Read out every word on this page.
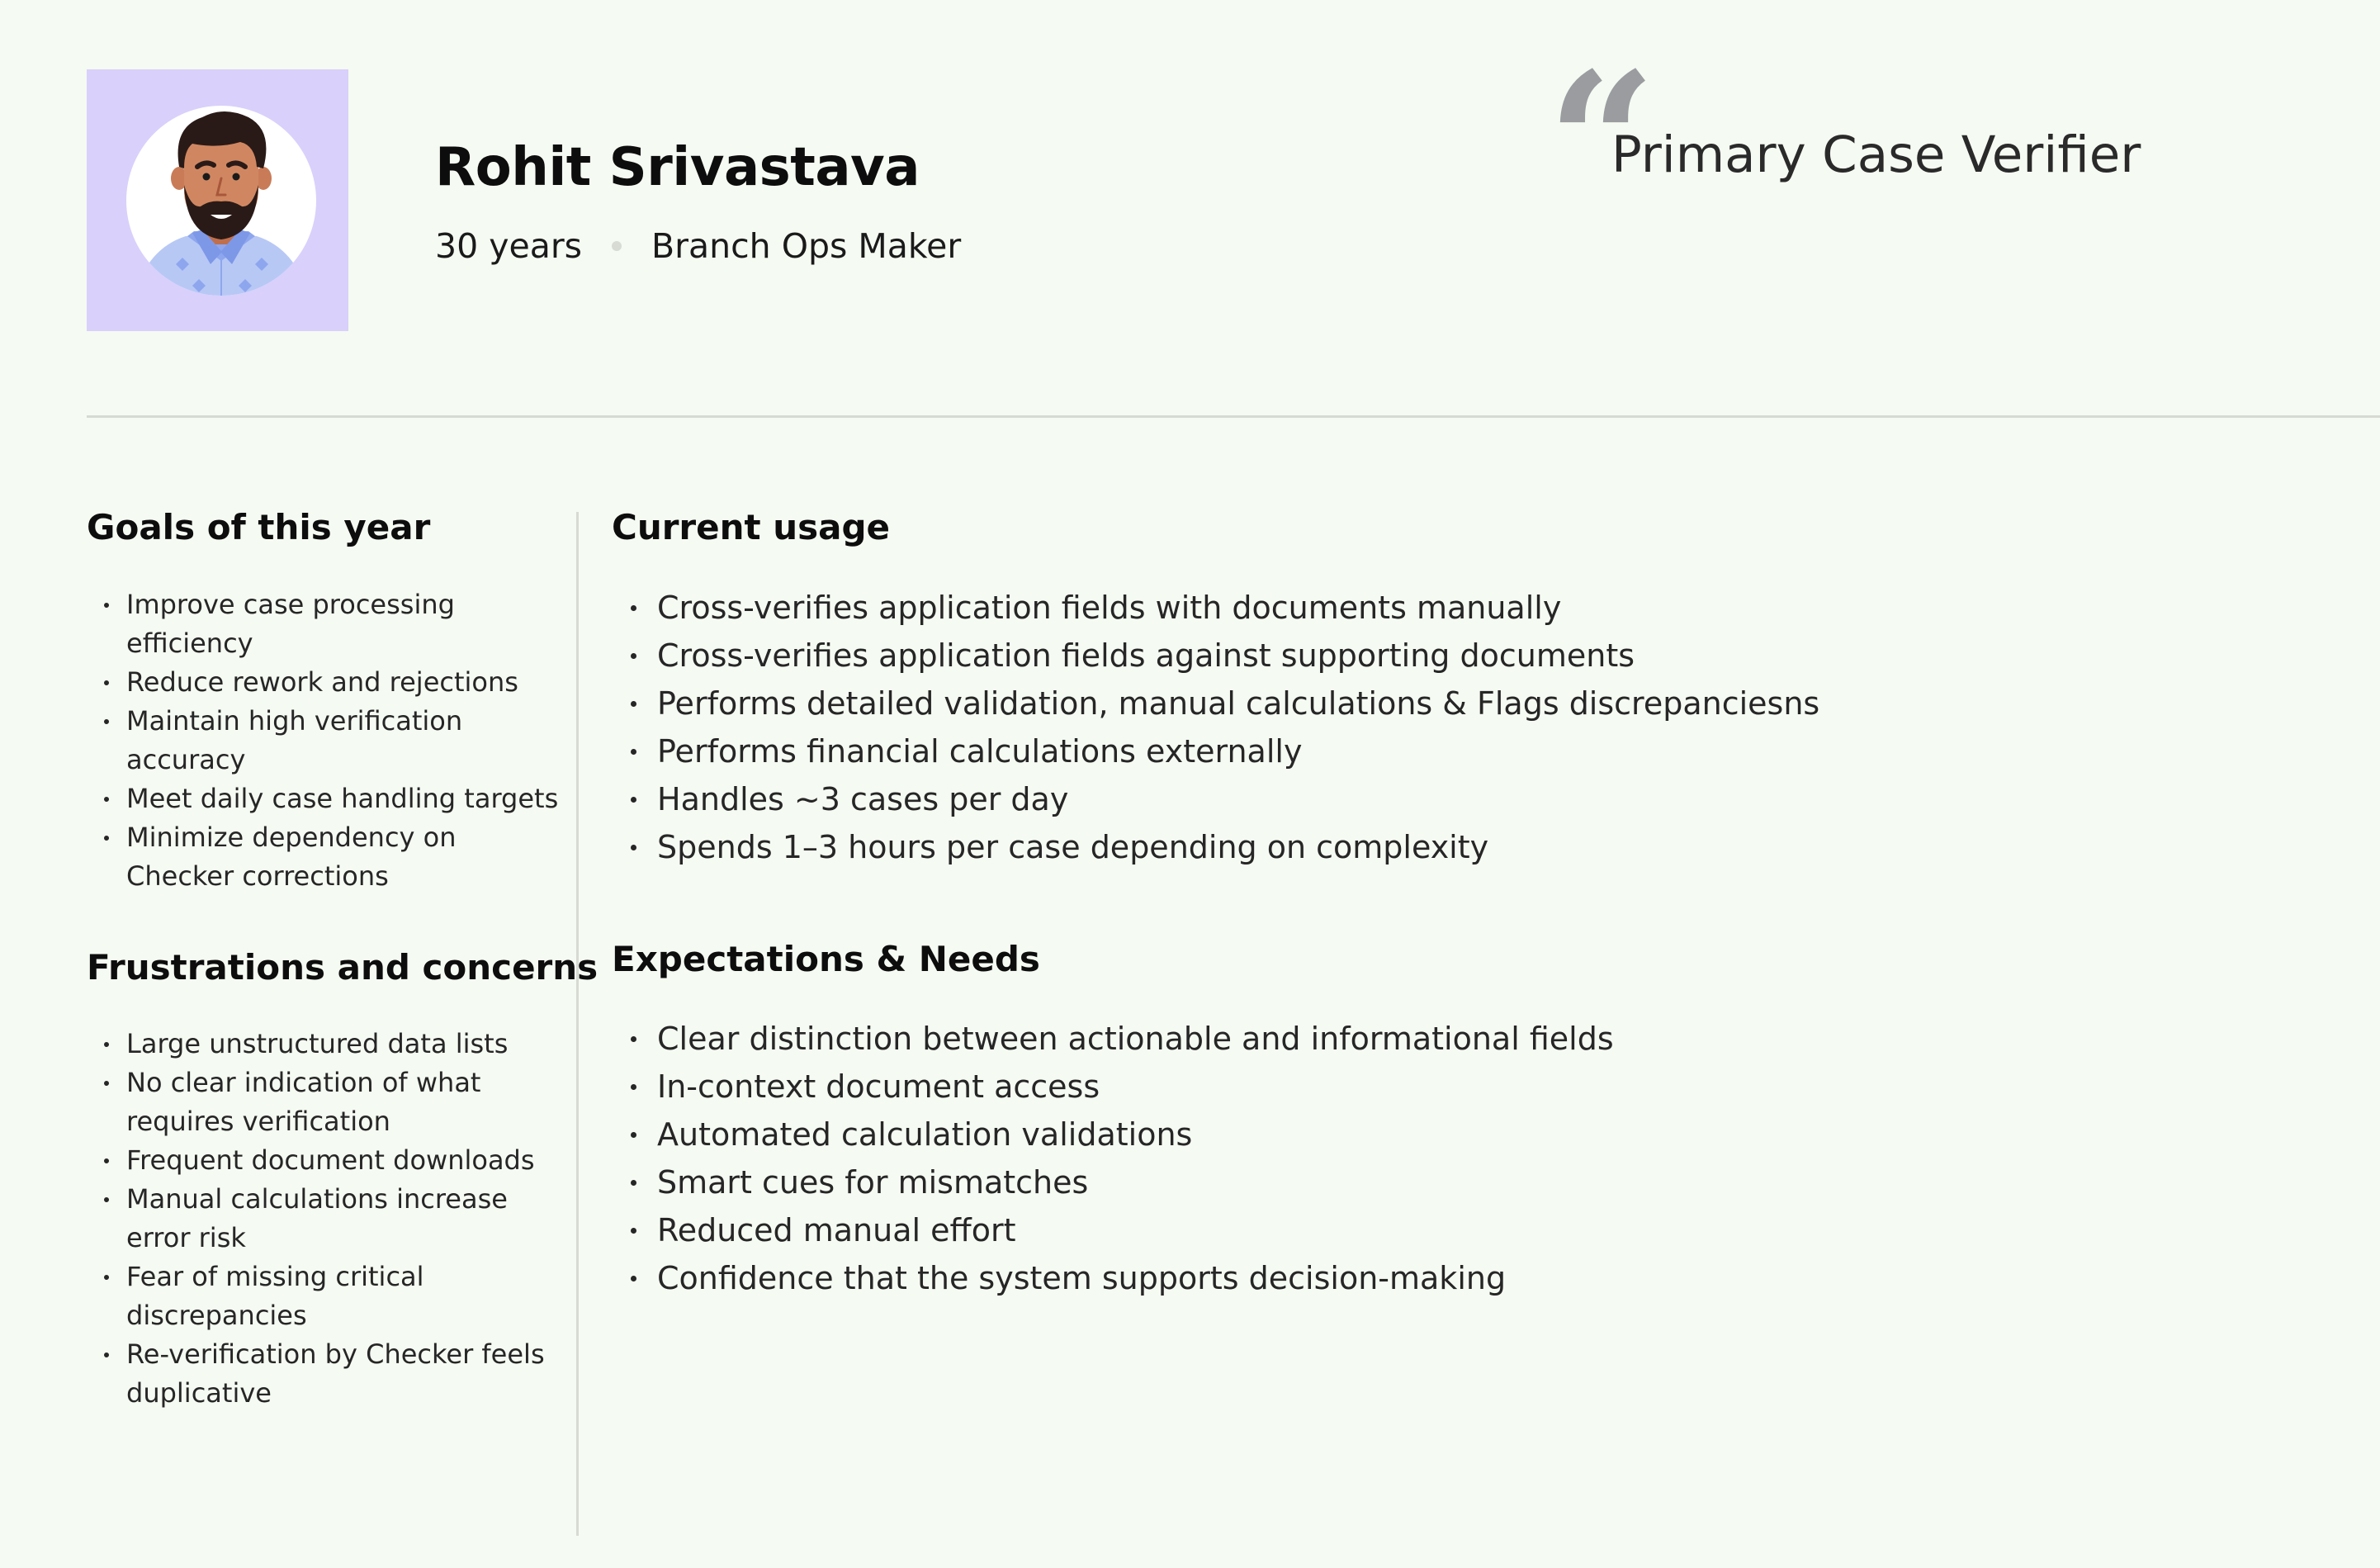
Rohit Srivastava
30 years Branch Ops Maker	“
Primary Case Verifier
Goals of this year
Improve case processing efficiency
Reduce rework and rejections
Maintain high verification accuracy
Meet daily case handling targets
Minimize dependency on Checker corrections
Frustrations and concerns
Large unstructured data lists
No clear indication of what requires verification
Frequent document downloads
Manual calculations increase error risk
Fear of missing critical discrepancies
Re-verification by Checker feels duplicative
Current usage
Cross-verifies application fields with documents manually
Cross-verifies application fields against supporting documents
Performs detailed validation, manual calculations & Flags discrepanciesns
Performs financial calculations externally
Handles ~3 cases per day
Spends 1–3 hours per case depending on complexity
Expectations & Needs
Clear distinction between actionable and informational fields
In-context document access
Automated calculation validations
Smart cues for mismatches
Reduced manual effort
Confidence that the system supports decision-making
